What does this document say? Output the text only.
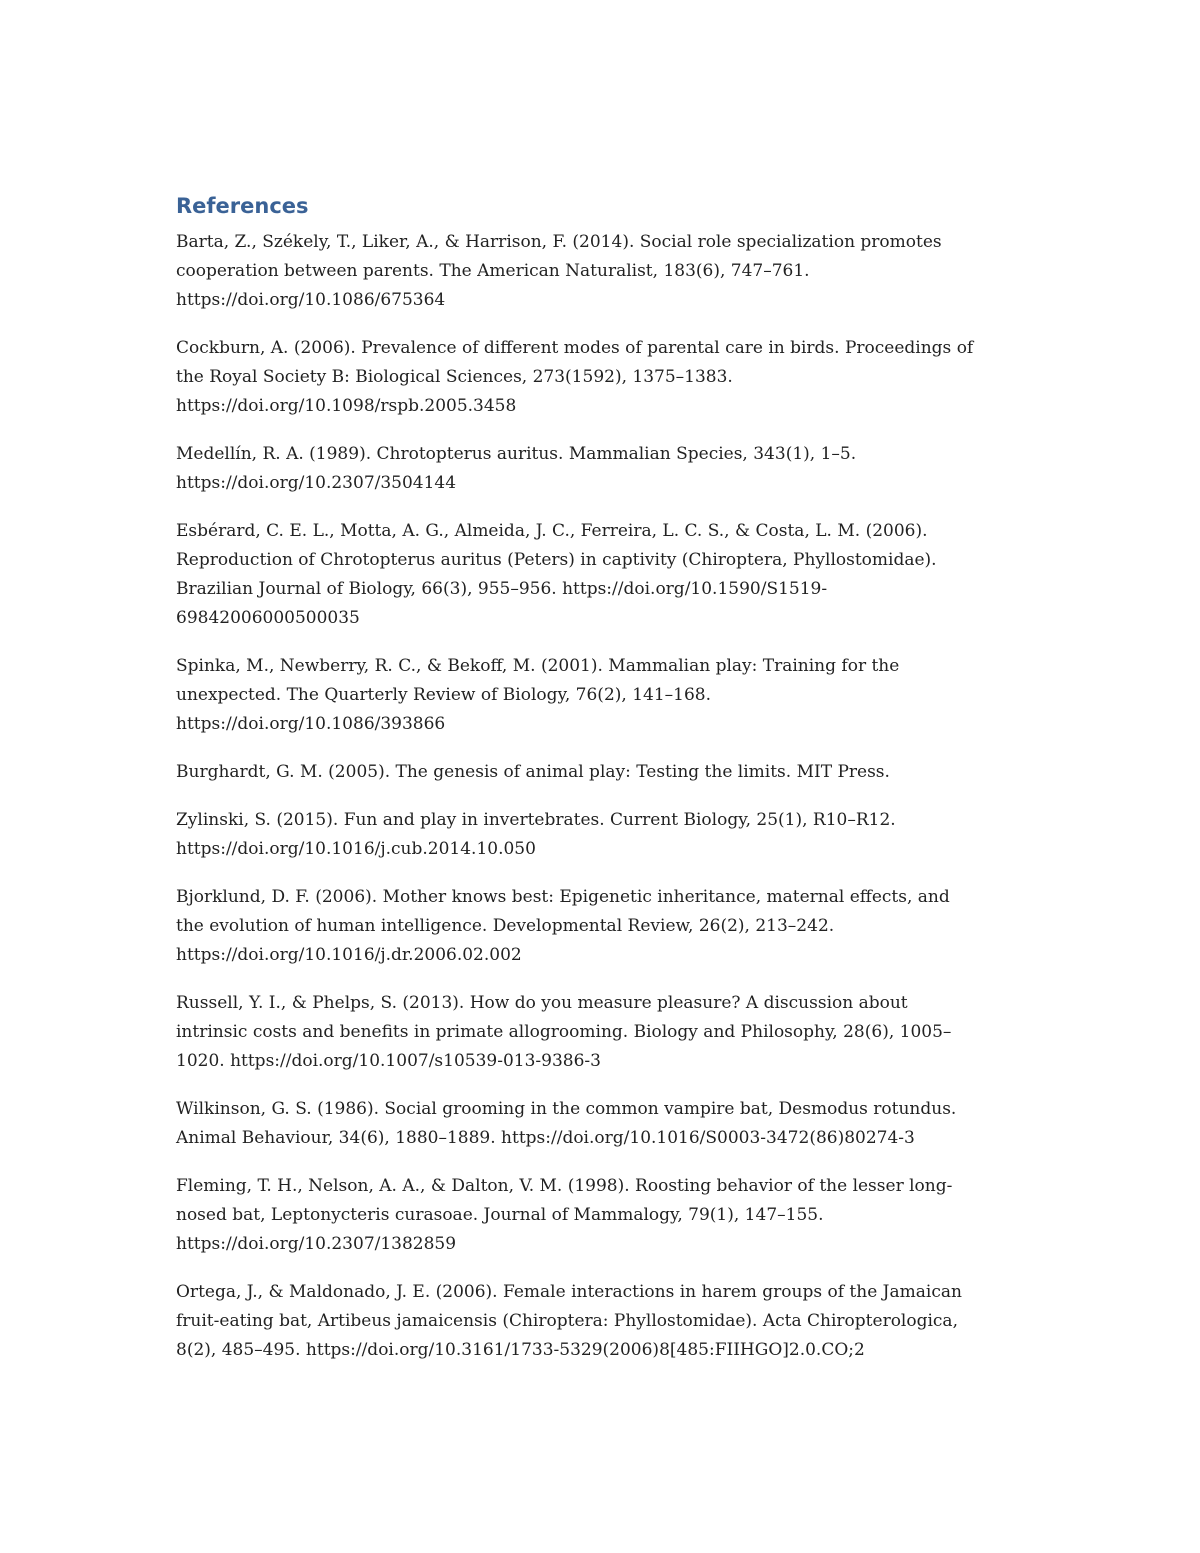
References

Barta, Z., Székely, T., Liker, A., & Harrison, F. (2014). Social role specialization promotes
cooperation between parents. The American Naturalist, 183(6), 747–761.
https://doi.org/10.1086/675364

Cockburn, A. (2006). Prevalence of different modes of parental care in birds. Proceedings of
the Royal Society B: Biological Sciences, 273(1592), 1375–1383.
https://doi.org/10.1098/rspb.2005.3458

Medellín, R. A. (1989). Chrotopterus auritus. Mammalian Species, 343(1), 1–5.
https://doi.org/10.2307/3504144

Esbérard, C. E. L., Motta, A. G., Almeida, J. C., Ferreira, L. C. S., & Costa, L. M. (2006).
Reproduction of Chrotopterus auritus (Peters) in captivity (Chiroptera, Phyllostomidae).
Brazilian Journal of Biology, 66(3), 955–956. https://doi.org/10.1590/S1519-
69842006000500035

Spinka, M., Newberry, R. C., & Bekoff, M. (2001). Mammalian play: Training for the
unexpected. The Quarterly Review of Biology, 76(2), 141–168.
https://doi.org/10.1086/393866

Burghardt, G. M. (2005). The genesis of animal play: Testing the limits. MIT Press.

Zylinski, S. (2015). Fun and play in invertebrates. Current Biology, 25(1), R10–R12.
https://doi.org/10.1016/j.cub.2014.10.050

Bjorklund, D. F. (2006). Mother knows best: Epigenetic inheritance, maternal effects, and
the evolution of human intelligence. Developmental Review, 26(2), 213–242.
https://doi.org/10.1016/j.dr.2006.02.002

Russell, Y. I., & Phelps, S. (2013). How do you measure pleasure? A discussion about
intrinsic costs and benefits in primate allogrooming. Biology and Philosophy, 28(6), 1005–
1020. https://doi.org/10.1007/s10539-013-9386-3

Wilkinson, G. S. (1986). Social grooming in the common vampire bat, Desmodus rotundus.
Animal Behaviour, 34(6), 1880–1889. https://doi.org/10.1016/S0003-3472(86)80274-3

Fleming, T. H., Nelson, A. A., & Dalton, V. M. (1998). Roosting behavior of the lesser long-
nosed bat, Leptonycteris curasoae. Journal of Mammalogy, 79(1), 147–155.
https://doi.org/10.2307/1382859

Ortega, J., & Maldonado, J. E. (2006). Female interactions in harem groups of the Jamaican
fruit-eating bat, Artibeus jamaicensis (Chiroptera: Phyllostomidae). Acta Chiropterologica,
8(2), 485–495. https://doi.org/10.3161/1733-5329(2006)8[485:FIIHGO]2.0.CO;2
